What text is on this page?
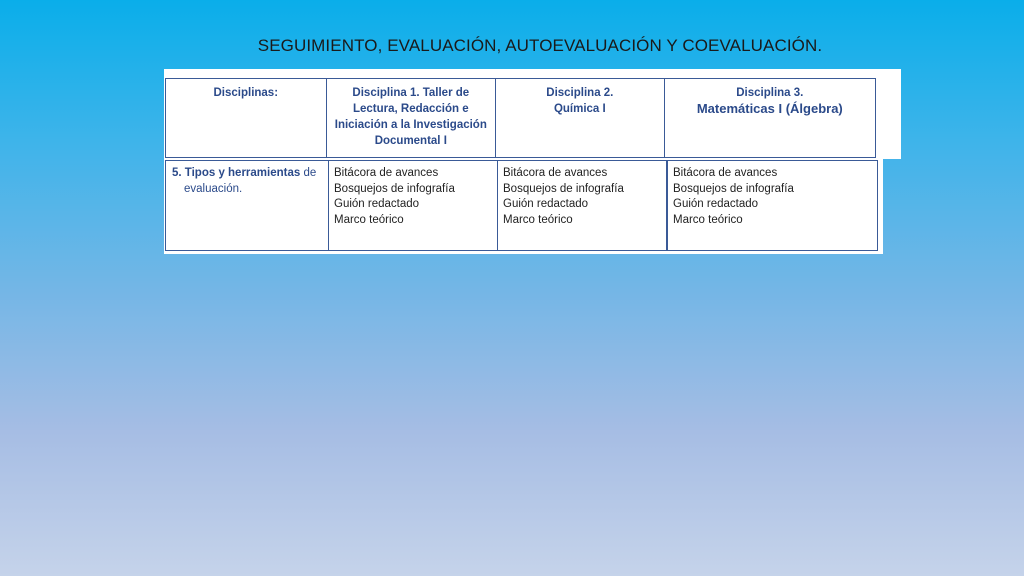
SEGUIMIENTO, EVALUACIÓN, AUTOEVALUACIÓN Y COEVALUACIÓN.
Disciplinas:	Disciplina 1. Taller de
Lectura, Redacción e
Iniciación a la Investigación
Documental I
Disciplina 2.
Química I
Disciplina 3.
Matemáticas I (Álgebra)
5. Tipos y herramientas de
evaluación.
Bitácora de avances
Bosquejos de infografía
Guión redactado
Marco teórico
Bitácora de avances
Bosquejos de infografía
Guión redactado
Marco teórico
Bitácora de avances
Bosquejos de infografía
Guión redactado
Marco teórico
